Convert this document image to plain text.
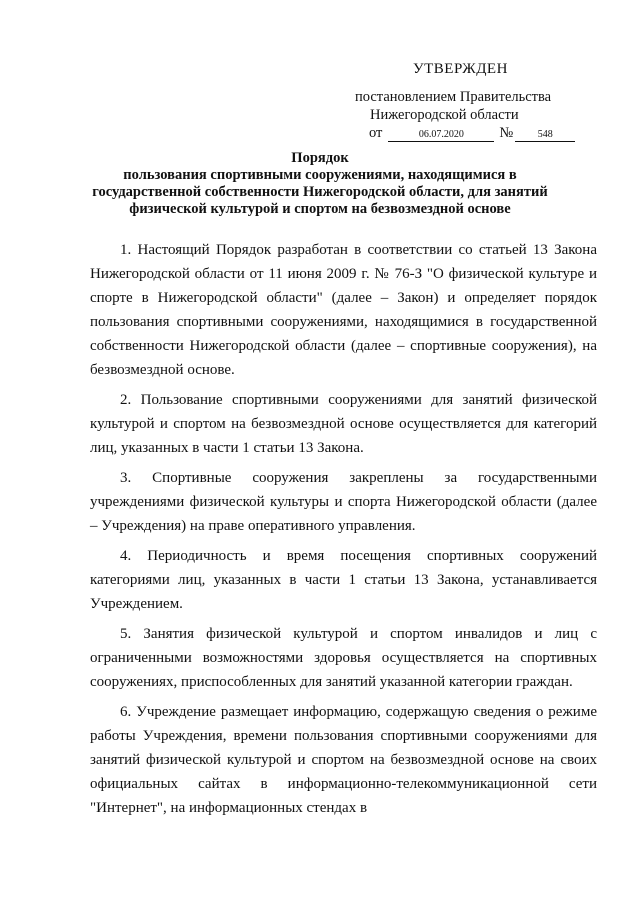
УТВЕРЖДЕН
постановлением Правительства
Нижегородской области
от	06.07.2020 № 548
Порядок
пользования спортивными сооружениями, находящимися в
государственной собственности Нижегородской области, для занятий
физической культурой и спортом на безвозмездной основе

1. Настоящий Порядок разработан в соответствии со статьей 13 Закона Нижегородской области от 11 июня 2009 г. № 76-З "О физической культуре и спорте в Нижегородской области" (далее – Закон) и определяет порядок пользования спортивными сооружениями, находящимися в государственной собственности Нижегородской области (далее – спортивные сооружения), на безвозмездной основе.

2. Пользование спортивными сооружениями для занятий физической культурой и спортом на безвозмездной основе осуществляется для категорий лиц, указанных в части 1 статьи 13 Закона.

3. Спортивные сооружения закреплены за государственными учреждениями физической культуры и спорта Нижегородской области (далее – Учреждения) на праве оперативного управления.

4. Периодичность и время посещения спортивных сооружений категориями лиц, указанных в части 1 статьи 13 Закона, устанавливается Учреждением.

5. Занятия физической культурой и спортом инвалидов и лиц с ограниченными возможностями здоровья осуществляется на спортивных сооружениях, приспособленных для занятий указанной категории граждан.

6. Учреждение размещает информацию, содержащую сведения о режиме работы Учреждения, времени пользования спортивными сооружениями для занятий физической культурой и спортом на безвозмездной основе на своих официальных сайтах в информационно-телекоммуникационной сети "Интернет", на информационных стендах в
